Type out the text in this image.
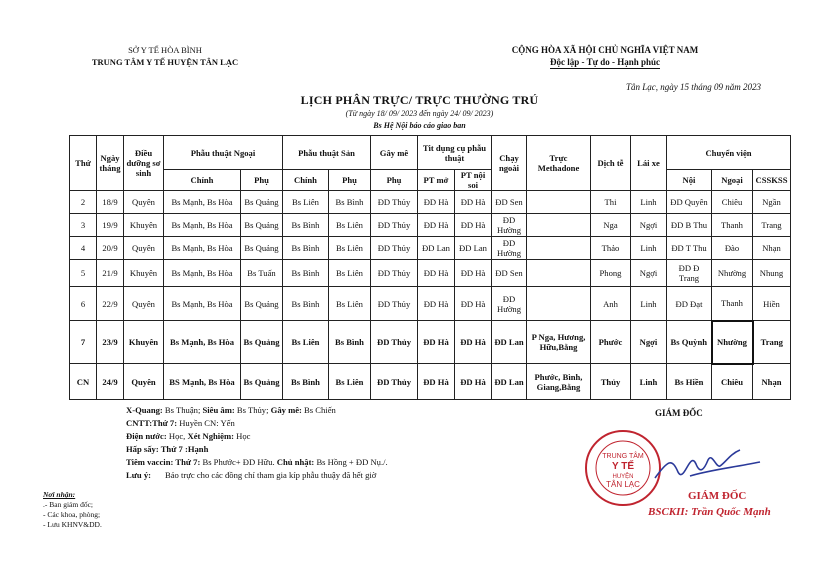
SỞ Y TẾ HÒA BÌNH
TRUNG TÂM Y TẾ HUYỆN TÂN LẠC
CỘNG HÒA XÃ HỘI CHỦ NGHĨA VIỆT NAM
Độc lập - Tự do - Hạnh phúc
Tân Lạc, ngày 15 tháng 09 năm 2023
LỊCH PHÂN TRỰC/ TRỰC THƯỜNG TRÚ
(Từ ngày 18/ 09/ 2023 đến ngày 24/ 09/ 2023)
Bs Hệ Nội báo cáo giao ban
Thứ	Ngày tháng	Điều dưỡng sơ sinh	Phẫu thuật Ngoại		Phẫu thuật Sản		Gây mê	Tit dụng cụ phẫu thuật		Chạy ngoài	Trực Methadone	Dịch tễ	Lái xe	Chuyển viện		
			Chính	Phụ	Chính	Phụ	Phụ	PT mở	PT nội soi					Nội	Ngoại	CSSKSS
2	18/9	Quyên	Bs Mạnh, Bs Hòa	Bs Quảng	Bs Liên	Bs Bình	ĐD Thủy	ĐD Hà	ĐD Hà	ĐD Sen		Thi	Linh	ĐD Quyên	Chiêu	Ngần
3	19/9	Khuyên	Bs Mạnh, Bs Hòa	Bs Quảng	Bs Bình	Bs Liên	ĐD Thủy	ĐD Hà	ĐD Hà	ĐD Hường		Nga	Ngợi	ĐD B Thu	Thanh	Trang
4	20/9	Quyên	Bs Mạnh, Bs Hòa	Bs Quảng	Bs Bình	Bs Liên	ĐD Thủy	ĐD Lan	ĐD Lan	ĐD Hường		Thảo	Linh	ĐD T Thu	Đào	Nhạn
5	21/9	Khuyên	Bs Mạnh, Bs Hòa	Bs Tuấn	Bs Bình	Bs Liên	ĐD Thủy	ĐD Hà	ĐD Hà	ĐD Sen		Phong	Ngợi	ĐD Đ Trang	Nhường	Nhung
6	22/9	Quyên	Bs Mạnh, Bs Hòa	Bs Quảng	Bs Bình	Bs Liên	ĐD Thủy	ĐD Hà	ĐD Hà	ĐD Hường		Anh	Linh	ĐD Đạt	Thanh	Hiền
7	23/9	Khuyên	Bs Mạnh, Bs Hòa	Bs Quảng	Bs Liên	Bs Bình	ĐD Thủy	ĐD Hà	ĐD Hà	ĐD Lan	P Nga, Hương, Hữu,Bằng	Phước	Ngợi	Bs Quỳnh	Nhường	Trang
CN	24/9	Quyên	BS Mạnh, Bs Hòa	Bs Quảng	Bs Bình	Bs Liên	ĐD Thủy	ĐD Hà	ĐD Hà	ĐD Lan	Phước, Bình, Giang,Bằng	Thủy	Linh	Bs Hiền	Chiêu	Nhạn
X-Quang: Bs Thuận; Siêu âm: Bs Thủy; Gây mê: Bs Chiến
CNTT:Thứ 7: Huyền CN: Yến
Điện nước: Học, Xét Nghiệm: Học
Hấp sấy: Thứ 7 :Hạnh
Tiêm vaccin: Thứ 7: Bs Phước+ ĐD Hữu. Chủ nhật: Bs Hồng + ĐD Nụ./.
Lưu ý: Bảo trực cho các đồng chí tham gia kíp phẫu thuậy đã hết giờ
Nơi nhận:
.- Ban giám đốc;
- Các khoa, phòng;
- Lưu KHNV&DD.
GIÁM ĐỐC
TRUNG TÂM
Y TẾ
HUYỆN
TÂN LẠC
GIÁM ĐỐC
BSCKII: Trần Quốc Mạnh
